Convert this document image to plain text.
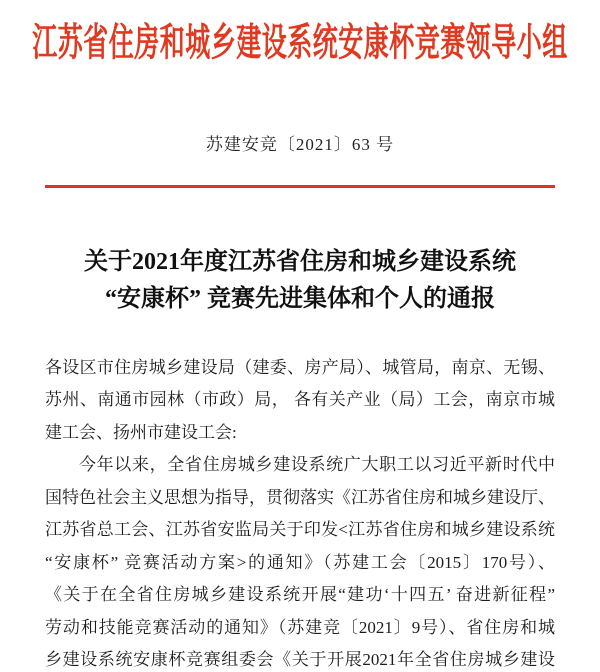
江苏省住房和城乡建设系统安康杯竞赛领导小组
苏建安竞〔2021〕63 号
关于2021年度江苏省住房和城乡建设系统
“安康杯” 竞赛先进集体和个人的通报
各设区市住房城乡建设局（建委、房产局）、城管局，南京、无锡、
苏州、南通市园林（市政）局， 各有关产业（局）工会，南京市城
建工会、扬州市建设工会:
今年以来，全省住房城乡建设系统广大职工以习近平新时代中
国特色社会主义思想为指导，贯彻落实《江苏省住房和城乡建设厅、
江苏省总工会、江苏省安监局关于印发<江苏省住房和城乡建设系统
“安康杯” 竞赛活动方案>的通知》（苏建工会〔2015〕170号）、
《关于在全省住房城乡建设系统开展“建功‘十四五’ 奋进新征程”
劳动和技能竞赛活动的通知》（苏建竞〔2021〕9号）、省住房和城
乡建设系统安康杯竞赛组委会《关于开展2021年全省住房城乡建设
